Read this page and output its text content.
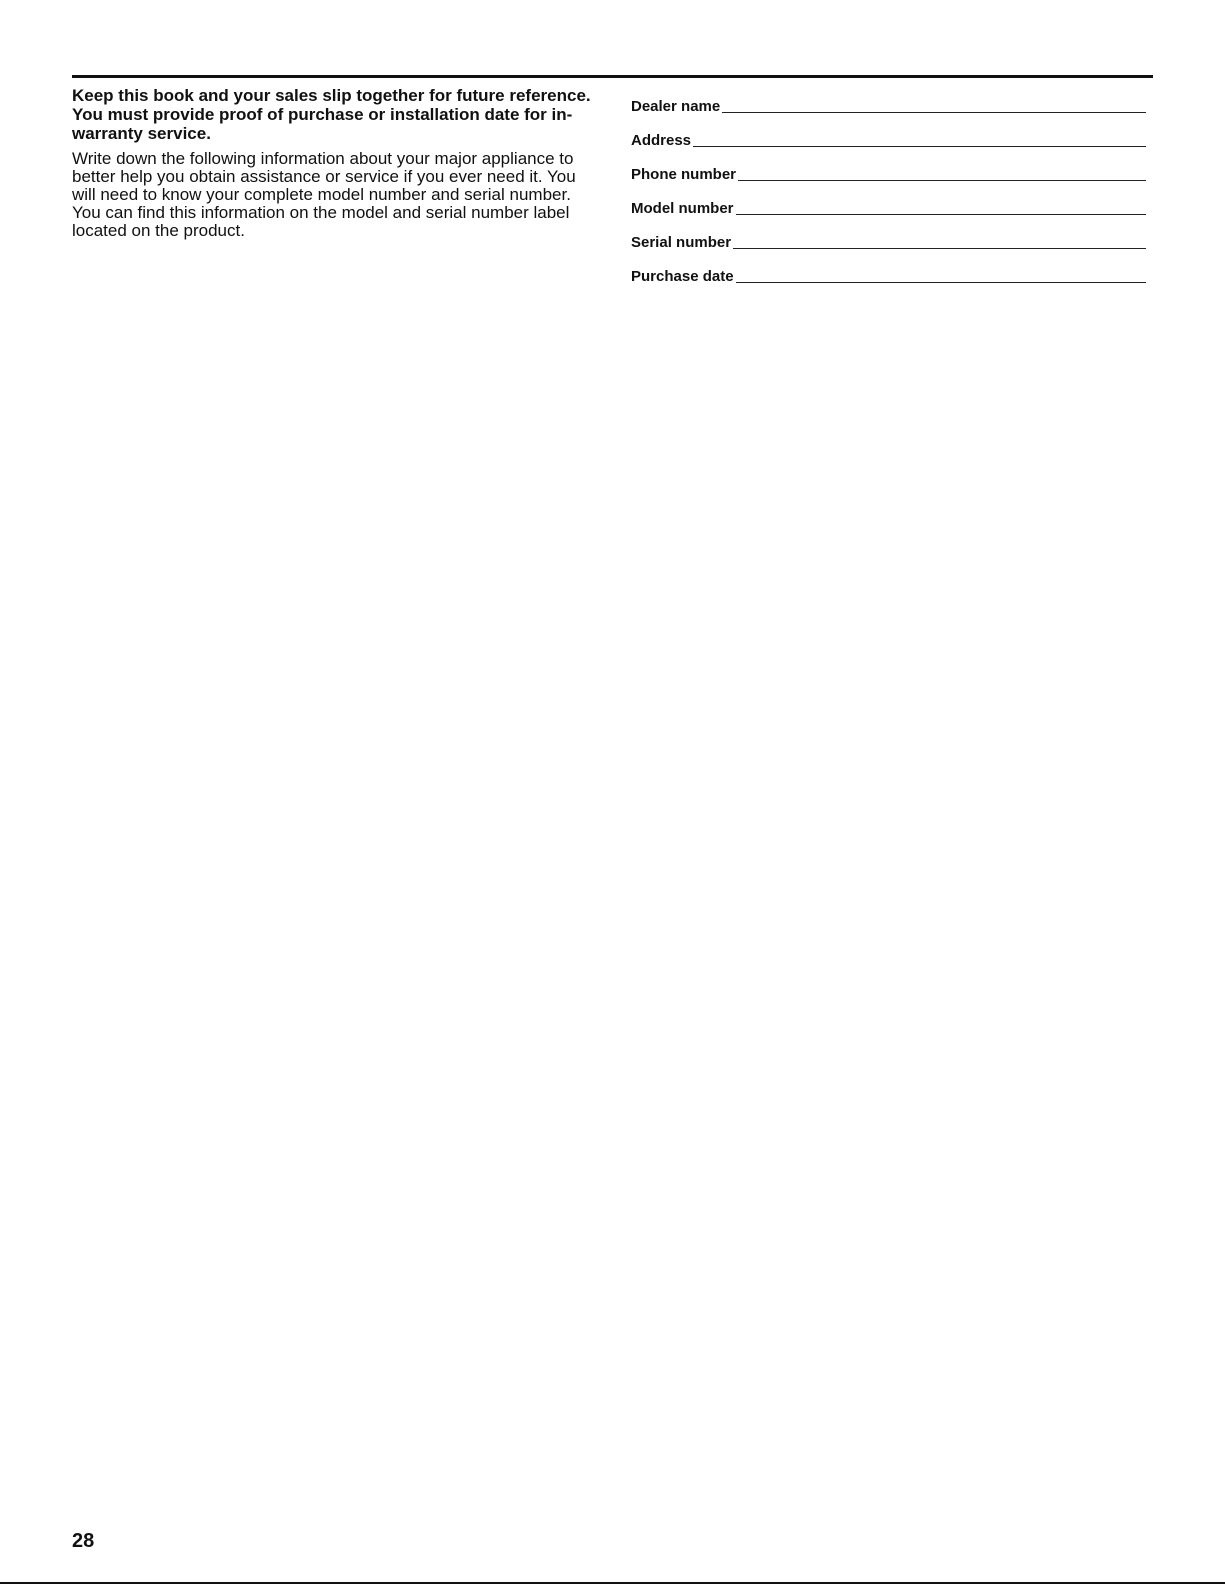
Keep this book and your sales slip together for future reference. You must provide proof of purchase or installation date for in-warranty service.

Write down the following information about your major appliance to better help you obtain assistance or service if you ever need it. You will need to know your complete model number and serial number. You can find this information on the model and serial number label located on the product.

Dealer name
Address
Phone number
Model number
Serial number
Purchase date
28
